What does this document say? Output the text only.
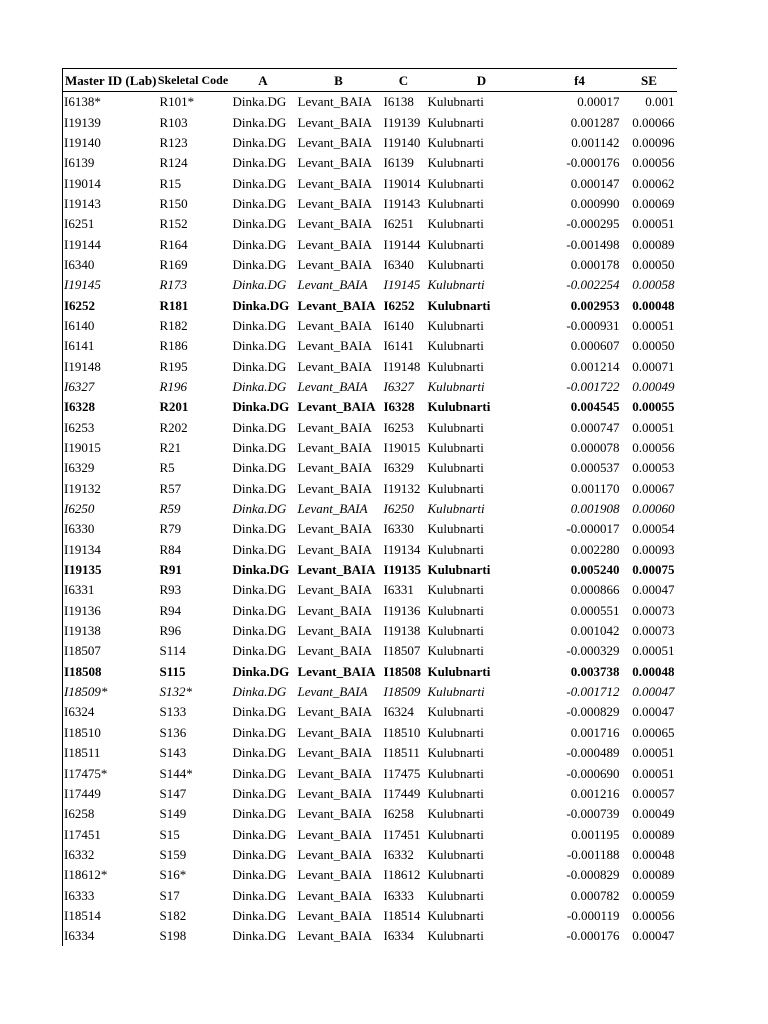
Master ID (Lab)	Skeletal Code	A	B	C	D	f4	SE
I6138*	R101*	Dinka.DG	Levant_BAIA	I6138	Kulubnarti	0.00017	0.001
I19139	R103	Dinka.DG	Levant_BAIA	I19139	Kulubnarti	0.001287	0.00066
I19140	R123	Dinka.DG	Levant_BAIA	I19140	Kulubnarti	0.001142	0.00096
I6139	R124	Dinka.DG	Levant_BAIA	I6139	Kulubnarti	-0.000176	0.00056
I19014	R15	Dinka.DG	Levant_BAIA	I19014	Kulubnarti	0.000147	0.00062
I19143	R150	Dinka.DG	Levant_BAIA	I19143	Kulubnarti	0.000990	0.00069
I6251	R152	Dinka.DG	Levant_BAIA	I6251	Kulubnarti	-0.000295	0.00051
I19144	R164	Dinka.DG	Levant_BAIA	I19144	Kulubnarti	-0.001498	0.00089
I6340	R169	Dinka.DG	Levant_BAIA	I6340	Kulubnarti	0.000178	0.00050
I19145	R173	Dinka.DG	Levant_BAIA	I19145	Kulubnarti	-0.002254	0.00058
I6252	R181	Dinka.DG	Levant_BAIA	I6252	Kulubnarti	0.002953	0.00048
I6140	R182	Dinka.DG	Levant_BAIA	I6140	Kulubnarti	-0.000931	0.00051
I6141	R186	Dinka.DG	Levant_BAIA	I6141	Kulubnarti	0.000607	0.00050
I19148	R195	Dinka.DG	Levant_BAIA	I19148	Kulubnarti	0.001214	0.00071
I6327	R196	Dinka.DG	Levant_BAIA	I6327	Kulubnarti	-0.001722	0.00049
I6328	R201	Dinka.DG	Levant_BAIA	I6328	Kulubnarti	0.004545	0.00055
I6253	R202	Dinka.DG	Levant_BAIA	I6253	Kulubnarti	0.000747	0.00051
I19015	R21	Dinka.DG	Levant_BAIA	I19015	Kulubnarti	0.000078	0.00056
I6329	R5	Dinka.DG	Levant_BAIA	I6329	Kulubnarti	0.000537	0.00053
I19132	R57	Dinka.DG	Levant_BAIA	I19132	Kulubnarti	0.001170	0.00067
I6250	R59	Dinka.DG	Levant_BAIA	I6250	Kulubnarti	0.001908	0.00060
I6330	R79	Dinka.DG	Levant_BAIA	I6330	Kulubnarti	-0.000017	0.00054
I19134	R84	Dinka.DG	Levant_BAIA	I19134	Kulubnarti	0.002280	0.00093
I19135	R91	Dinka.DG	Levant_BAIA	I19135	Kulubnarti	0.005240	0.00075
I6331	R93	Dinka.DG	Levant_BAIA	I6331	Kulubnarti	0.000866	0.00047
I19136	R94	Dinka.DG	Levant_BAIA	I19136	Kulubnarti	0.000551	0.00073
I19138	R96	Dinka.DG	Levant_BAIA	I19138	Kulubnarti	0.001042	0.00073
I18507	S114	Dinka.DG	Levant_BAIA	I18507	Kulubnarti	-0.000329	0.00051
I18508	S115	Dinka.DG	Levant_BAIA	I18508	Kulubnarti	0.003738	0.00048
I18509*	S132*	Dinka.DG	Levant_BAIA	I18509	Kulubnarti	-0.001712	0.00047
I6324	S133	Dinka.DG	Levant_BAIA	I6324	Kulubnarti	-0.000829	0.00047
I18510	S136	Dinka.DG	Levant_BAIA	I18510	Kulubnarti	0.001716	0.00065
I18511	S143	Dinka.DG	Levant_BAIA	I18511	Kulubnarti	-0.000489	0.00051
I17475*	S144*	Dinka.DG	Levant_BAIA	I17475	Kulubnarti	-0.000690	0.00051
I17449	S147	Dinka.DG	Levant_BAIA	I17449	Kulubnarti	0.001216	0.00057
I6258	S149	Dinka.DG	Levant_BAIA	I6258	Kulubnarti	-0.000739	0.00049
I17451	S15	Dinka.DG	Levant_BAIA	I17451	Kulubnarti	0.001195	0.00089
I6332	S159	Dinka.DG	Levant_BAIA	I6332	Kulubnarti	-0.001188	0.00048
I18612*	S16*	Dinka.DG	Levant_BAIA	I18612	Kulubnarti	-0.000829	0.00089
I6333	S17	Dinka.DG	Levant_BAIA	I6333	Kulubnarti	0.000782	0.00059
I18514	S182	Dinka.DG	Levant_BAIA	I18514	Kulubnarti	-0.000119	0.00056
I6334	S198	Dinka.DG	Levant_BAIA	I6334	Kulubnarti	-0.000176	0.00047
